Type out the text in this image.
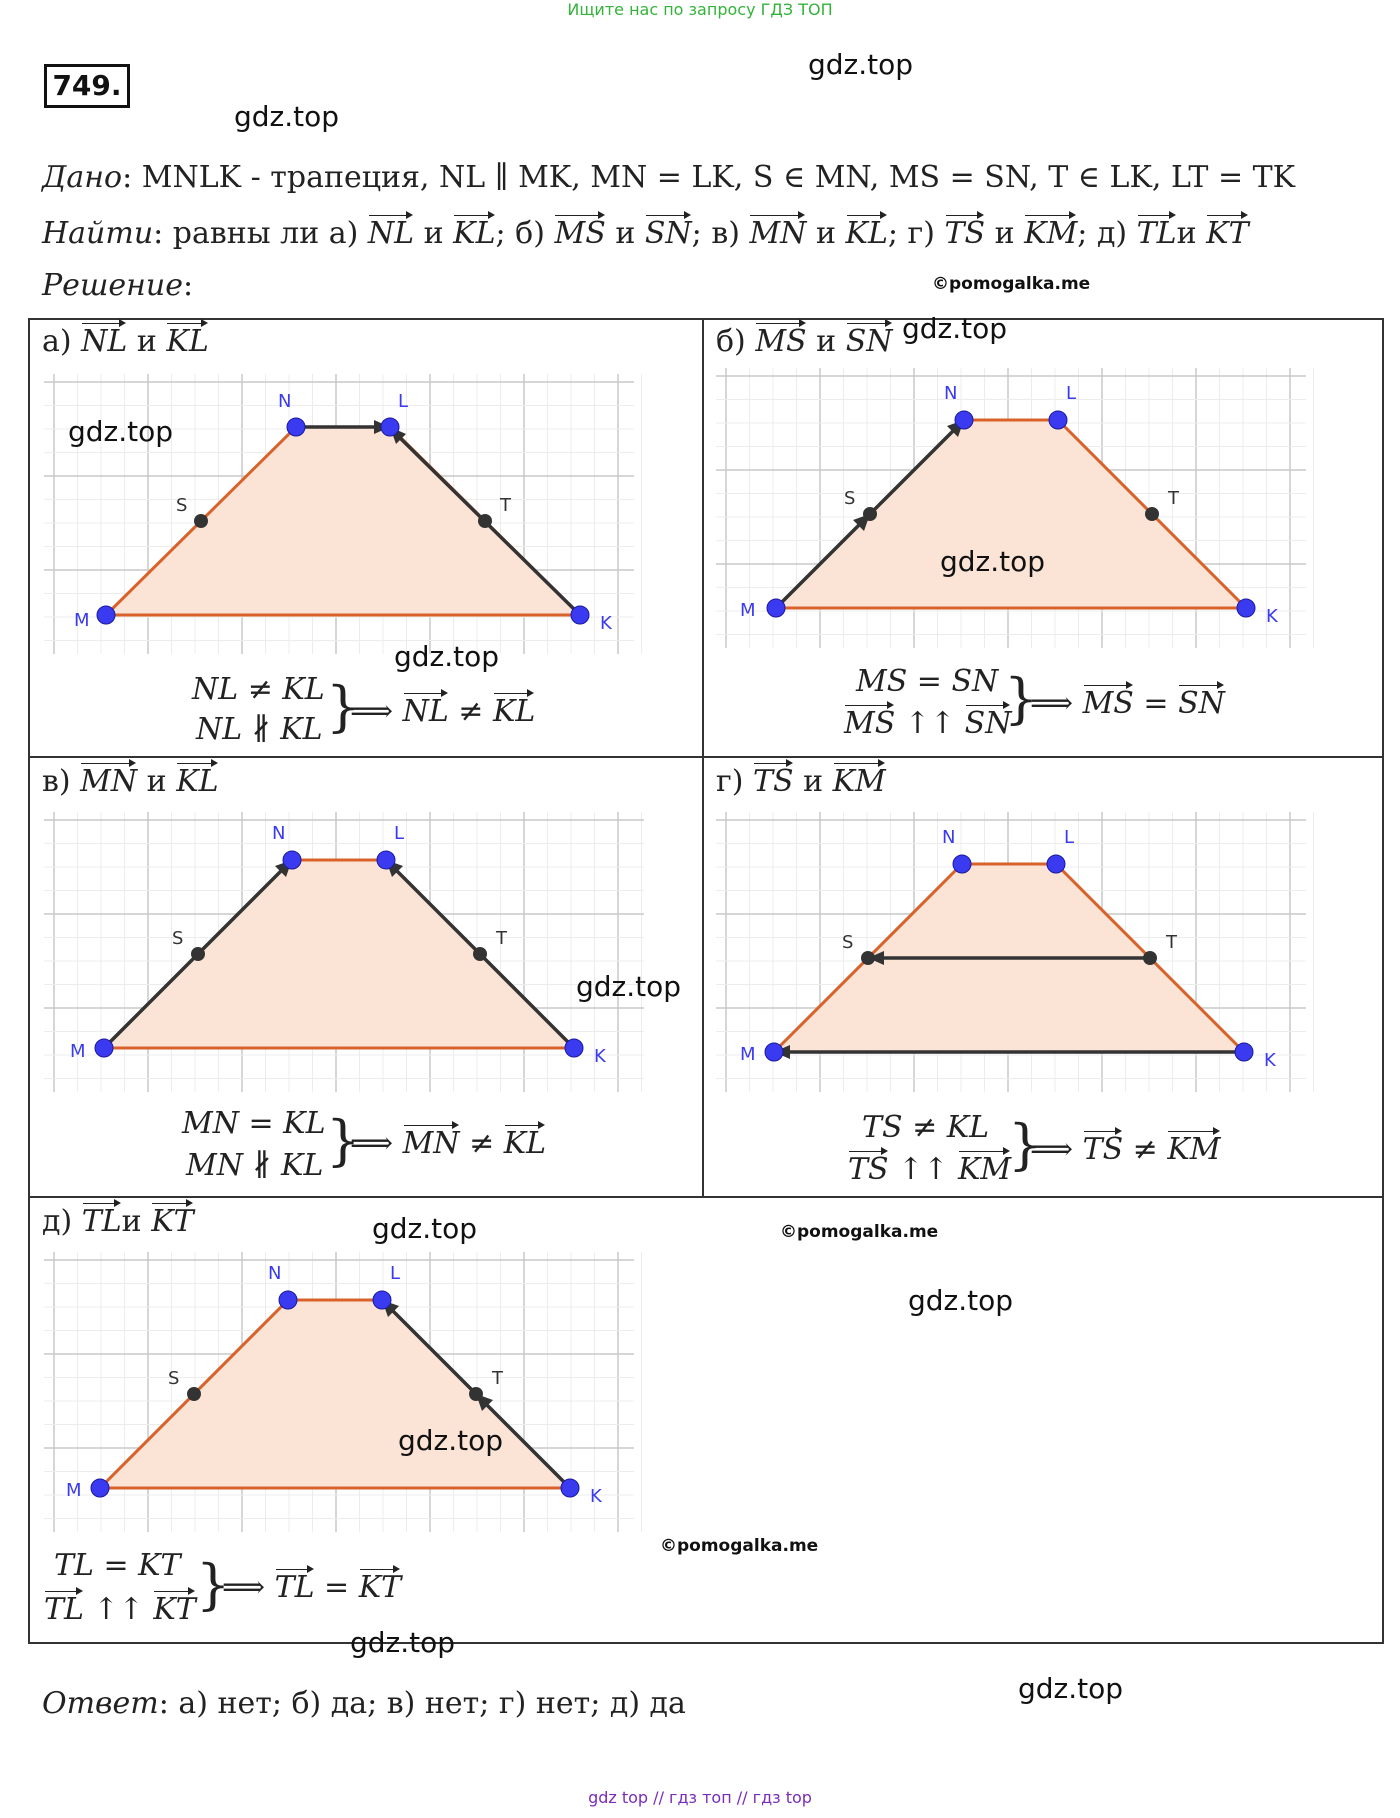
Ищите нас по запросу ГДЗ ТОП
749.
gdz.top
gdz.top
Дано: MNLK - трапеция, NL ∥ MK, MN = LK, S ∈ MN, MS = SN, T ∈ LK, LT = TK
Найти: равны ли а) NL и KL; б) MS и SN; в) MN и KL; г) TS и KM; д) TLи KT
Решение:	©pomogalka.me
а) NL и KL	gdz.top
M
N	L
K
S	T
gdz.top
gdz.top
NL ≠ KL
NL ∦ KL }
⟹ NL ≠ KL
б) MS и SN
M
N	L
K
S	T
gdz.top
MS = SN
MS ↑↑ SN
}
⟹ MS = SN
в) MN и KL
M
N	L
K
S	T
gdz.top
MN = KL
MN ∦ KL }
⟹ MN ≠ KL
г) TS и KM
M
N	L
K
S	T
TS ≠ KL
TS ↑↑ KM
}
⟹ TS ≠ KM
д) TLи KT	gdz.top	©pomogalka.me
gdz.top
M
N	L
K
S	T
gdz.top
©pomogalka.me
TL = KT
TL ↑↑ KT }
⟹ TL = KT
gdz.top
Ответ: а) нет; б) да; в) нет; г) нет; д) да	gdz.top
gdz top // гдз топ // гдз top
